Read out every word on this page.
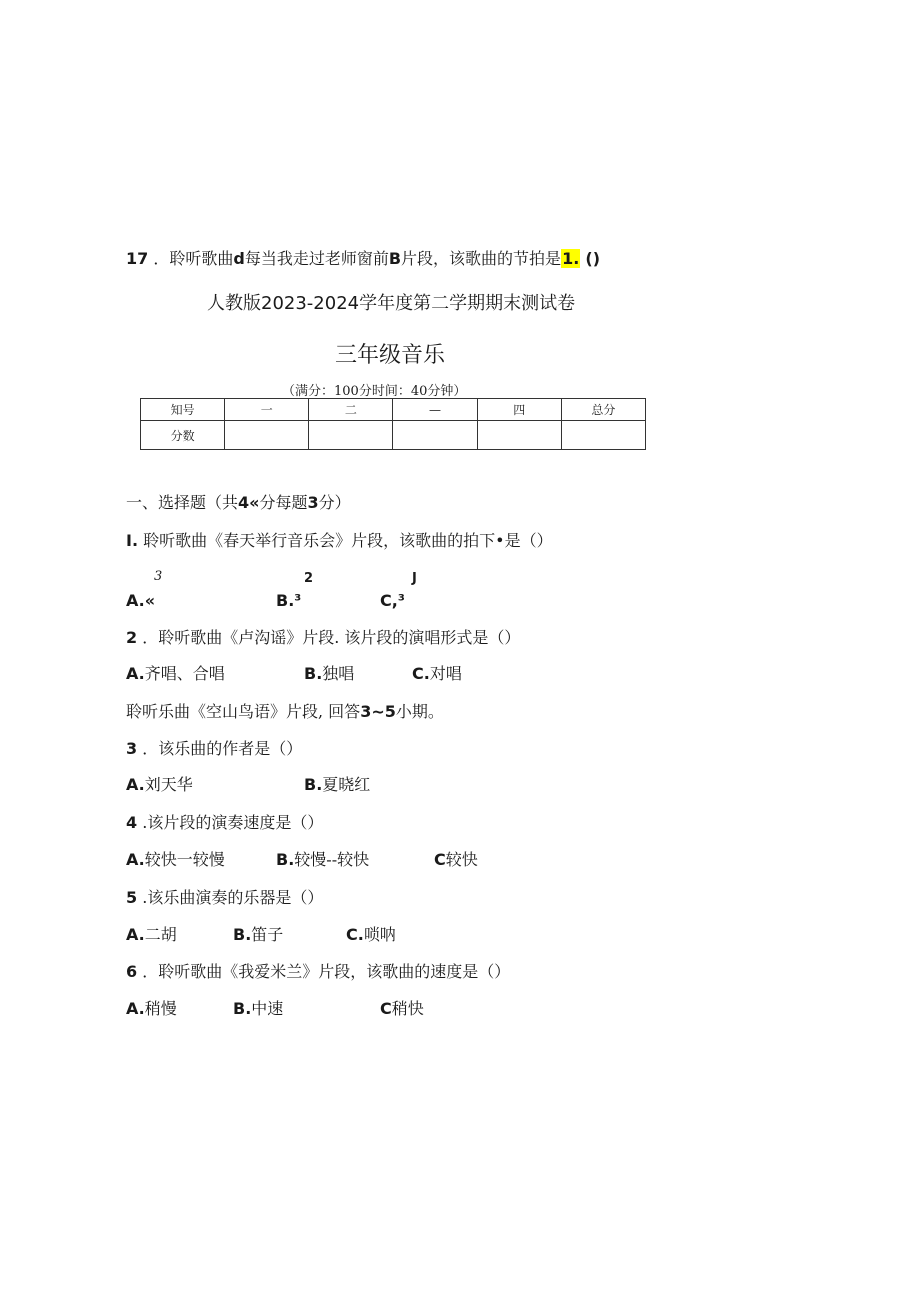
17 ．聆听歌曲d每当我走过老师窗前B片段，该歌曲的节拍是1. ()
人教版2023-2024学年度第二学期期末测试卷
三年级音乐
（满分：100分时间：40分钟）
知号	一	二	—	四	总分
分数					
一、选择题（共4«分每题3分）
I. 聆听歌曲《春天举行音乐会》片段，该歌曲的拍下•是（）
3	2	J
A.«	B.³	C,³
2 ．聆听歌曲《卢沟谣》片段. 该片段的演唱形式是（）
A.齐唱、合唱	B.独唱	C.对唱
聆听乐曲《空山鸟语》片段, 回答3~5小期。
3 ．该乐曲的作者是（）
A.刘天华	B.夏晓红
4 .该片段的演奏速度是（）
A.较快一较慢	B.较慢--较快	C较快
5 .该乐曲演奏的乐器是（）
A.二胡	B.笛子	C.唢呐
6 ．聆听歌曲《我爱米兰》片段，该歌曲的速度是（）
A.稍慢	B.中速	C稍快
